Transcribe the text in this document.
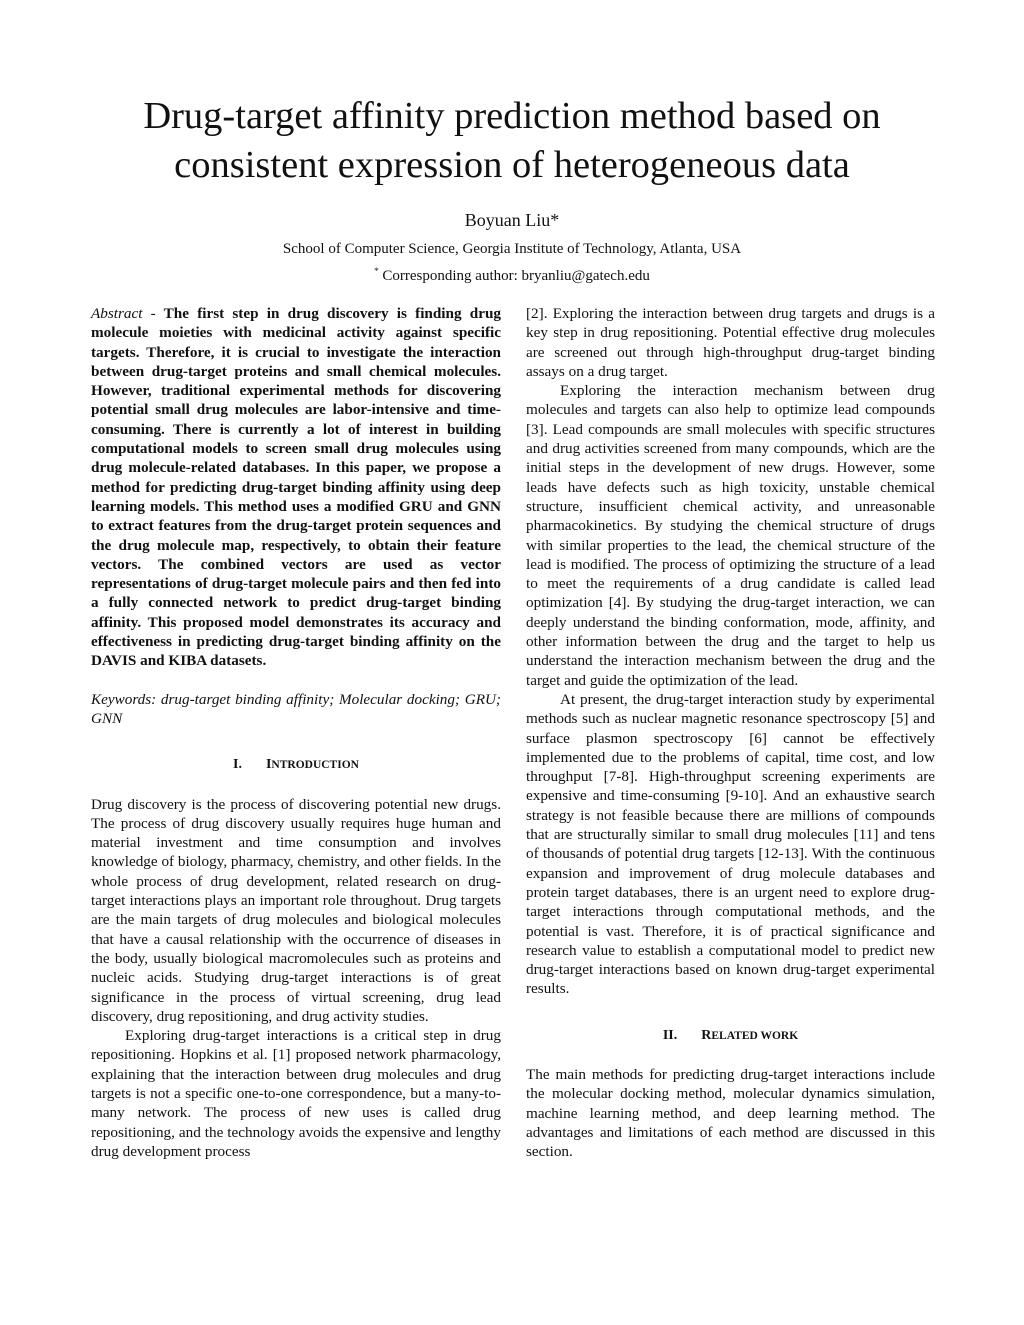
Drug-target affinity prediction method based on
consistent expression of heterogeneous data
Boyuan Liu*
School of Computer Science, Georgia Institute of Technology, Atlanta, USA
* Corresponding author: bryanliu@gatech.edu

Abstract - The first step in drug discovery is finding drug molecule moieties with medicinal activity against specific targets. Therefore, it is crucial to investigate the interaction between drug-target proteins and small chemical molecules. However, traditional experimental methods for discovering potential small drug molecules are labor-intensive and time-consuming. There is currently a lot of interest in building computational models to screen small drug molecules using drug molecule-related databases. In this paper, we propose a method for predicting drug-target binding affinity using deep learning models. This method uses a modified GRU and GNN to extract features from the drug-target protein sequences and the drug molecule map, respectively, to obtain their feature vectors. The combined vectors are used as vector representations of drug-target molecule pairs and then fed into a fully connected network to predict drug-target binding affinity. This proposed model demonstrates its accuracy and effectiveness in predicting drug-target binding affinity on the DAVIS and KIBA datasets.

Keywords: drug-target binding affinity; Molecular docking; GRU; GNN

I. INTRODUCTION

Drug discovery is the process of discovering potential new drugs. The process of drug discovery usually requires huge human and material investment and time consumption and involves knowledge of biology, pharmacy, chemistry, and other fields. In the whole process of drug development, related research on drug-target interactions plays an important role throughout. Drug targets are the main targets of drug molecules and biological molecules that have a causal relationship with the occurrence of diseases in the body, usually biological macromolecules such as proteins and nucleic acids. Studying drug-target interactions is of great significance in the process of virtual screening, drug lead discovery, drug repositioning, and drug activity studies.

Exploring drug-target interactions is a critical step in drug repositioning. Hopkins et al. [1] proposed network pharmacology, explaining that the interaction between drug molecules and drug targets is not a specific one-to-one correspondence, but a many-to-many network. The process of new uses is called drug repositioning, and the technology avoids the expensive and lengthy drug development process

[2]. Exploring the interaction between drug targets and drugs is a key step in drug repositioning. Potential effective drug molecules are screened out through high-throughput drug-target binding assays on a drug target.

Exploring the interaction mechanism between drug molecules and targets can also help to optimize lead compounds [3]. Lead compounds are small molecules with specific structures and drug activities screened from many compounds, which are the initial steps in the development of new drugs. However, some leads have defects such as high toxicity, unstable chemical structure, insufficient chemical activity, and unreasonable pharmacokinetics. By studying the chemical structure of drugs with similar properties to the lead, the chemical structure of the lead is modified. The process of optimizing the structure of a lead to meet the requirements of a drug candidate is called lead optimization [4]. By studying the drug-target interaction, we can deeply understand the binding conformation, mode, affinity, and other information between the drug and the target to help us understand the interaction mechanism between the drug and the target and guide the optimization of the lead.

At present, the drug-target interaction study by experimental methods such as nuclear magnetic resonance spectroscopy [5] and surface plasmon spectroscopy [6] cannot be effectively implemented due to the problems of capital, time cost, and low throughput [7-8]. High-throughput screening experiments are expensive and time-consuming [9-10]. And an exhaustive search strategy is not feasible because there are millions of compounds that are structurally similar to small drug molecules [11] and tens of thousands of potential drug targets [12-13]. With the continuous expansion and improvement of drug molecule databases and protein target databases, there is an urgent need to explore drug-target interactions through computational methods, and the potential is vast. Therefore, it is of practical significance and research value to establish a computational model to predict new drug-target interactions based on known drug-target experimental results.

II. RELATED WORK

The main methods for predicting drug-target interactions include the molecular docking method, molecular dynamics simulation, machine learning method, and deep learning method. The advantages and limitations of each method are discussed in this section.
